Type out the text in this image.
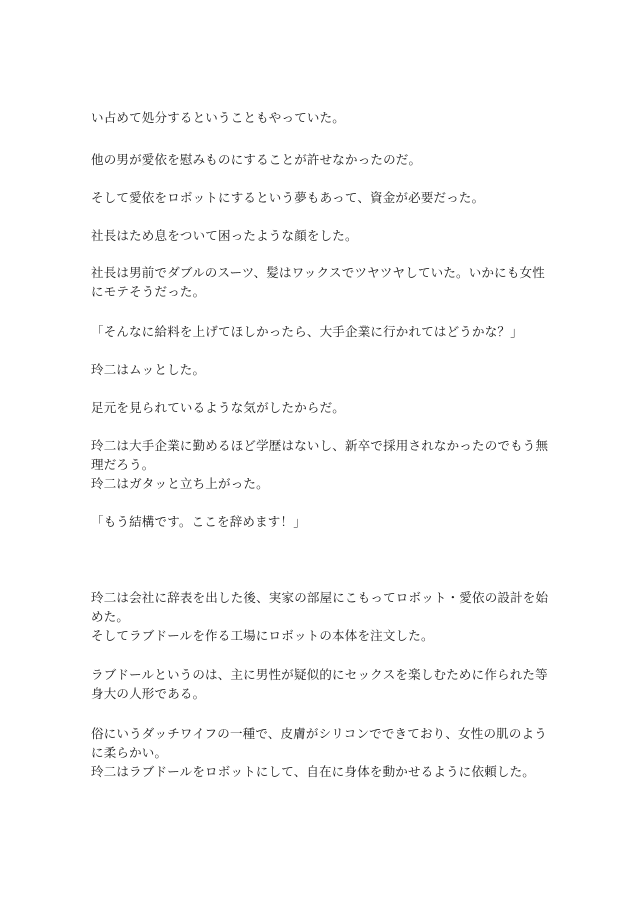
い占めて処分するということもやっていた。

他の男が愛依を慰みものにすることが許せなかったのだ。

そして愛依をロボットにするという夢もあって、資金が必要だった。

社長はため息をついて困ったような顔をした。

社長は男前でダブルのスーツ、髪はワックスでツヤツヤしていた。いかにも女性にモテそうだった。

「そんなに給料を上げてほしかったら、大手企業に行かれてはどうかな？」

玲二はムッとした。

足元を見られているような気がしたからだ。

玲二は大手企業に勤めるほど学歴はないし、新卒で採用されなかったのでもう無理だろう。

玲二はガタッと立ち上がった。

「もう結構です。ここを辞めます！」

玲二は会社に辞表を出した後、実家の部屋にこもってロボット・愛依の設計を始めた。

そしてラブドールを作る工場にロボットの本体を注文した。

ラブドールというのは、主に男性が疑似的にセックスを楽しむために作られた等身大の人形である。

俗にいうダッチワイフの一種で、皮膚がシリコンでできており、女性の肌のように柔らかい。

玲二はラブドールをロボットにして、自在に身体を動かせるように依頼した。
